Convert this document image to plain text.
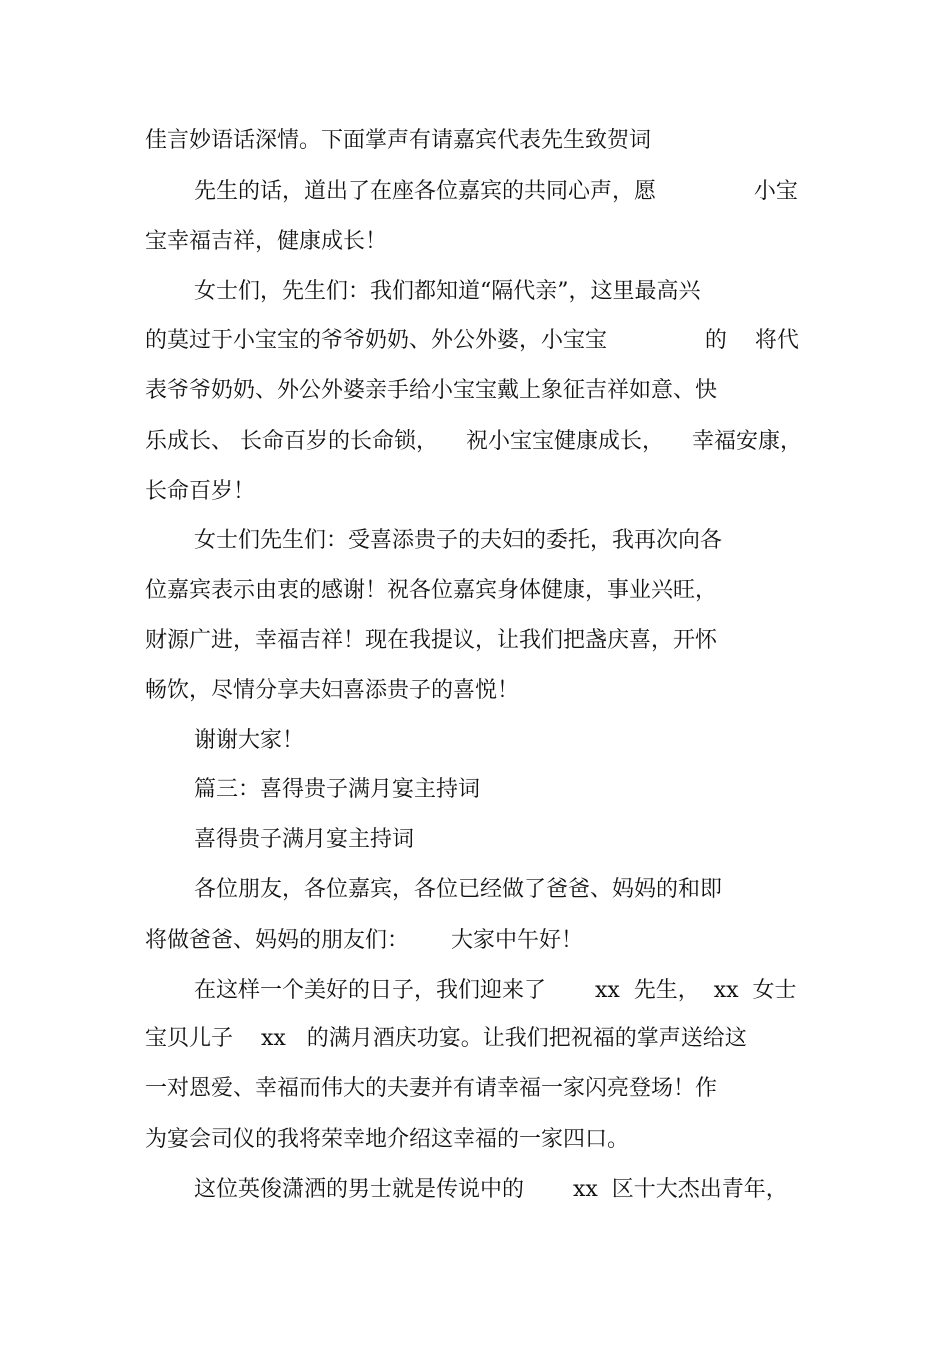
佳言妙语话深情。下面掌声有请嘉宾代表先生致贺词
先生的话，道出了在座各位嘉宾的共同心声，愿              小宝
宝幸福吉祥，健康成长！
女士们，先生们：我们都知道“隔代亲”，这里最高兴
的莫过于小宝宝的爷爷奶奶、外公外婆，小宝宝              的    将代
表爷爷奶奶、外公外婆亲手给小宝宝戴上象征吉祥如意、快
乐成长、 长命百岁的长命锁，    祝小宝宝健康成长，    幸福安康，
长命百岁！
女士们先生们：受喜添贵子的夫妇的委托，我再次向各
位嘉宾表示由衷的感谢！祝各位嘉宾身体健康，事业兴旺，
财源广进，幸福吉祥！现在我提议，让我们把盏庆喜，开怀
畅饮，尽情分享夫妇喜添贵子的喜悦！
谢谢大家！
篇三：喜得贵子满月宴主持词
喜得贵子满月宴主持词
各位朋友，各位嘉宾，各位已经做了爸爸、妈妈的和即
将做爸爸、妈妈的朋友们：      大家中午好！
在这样一个美好的日子，我们迎来了       xx  先生，  xx  女士
宝贝儿子    xx   的满月酒庆功宴。让我们把祝福的掌声送给这
一对恩爱、幸福而伟大的夫妻并有请幸福一家闪亮登场！作
为宴会司仪的我将荣幸地介绍这幸福的一家四口。
这位英俊潇洒的男士就是传说中的       xx  区十大杰出青年，
